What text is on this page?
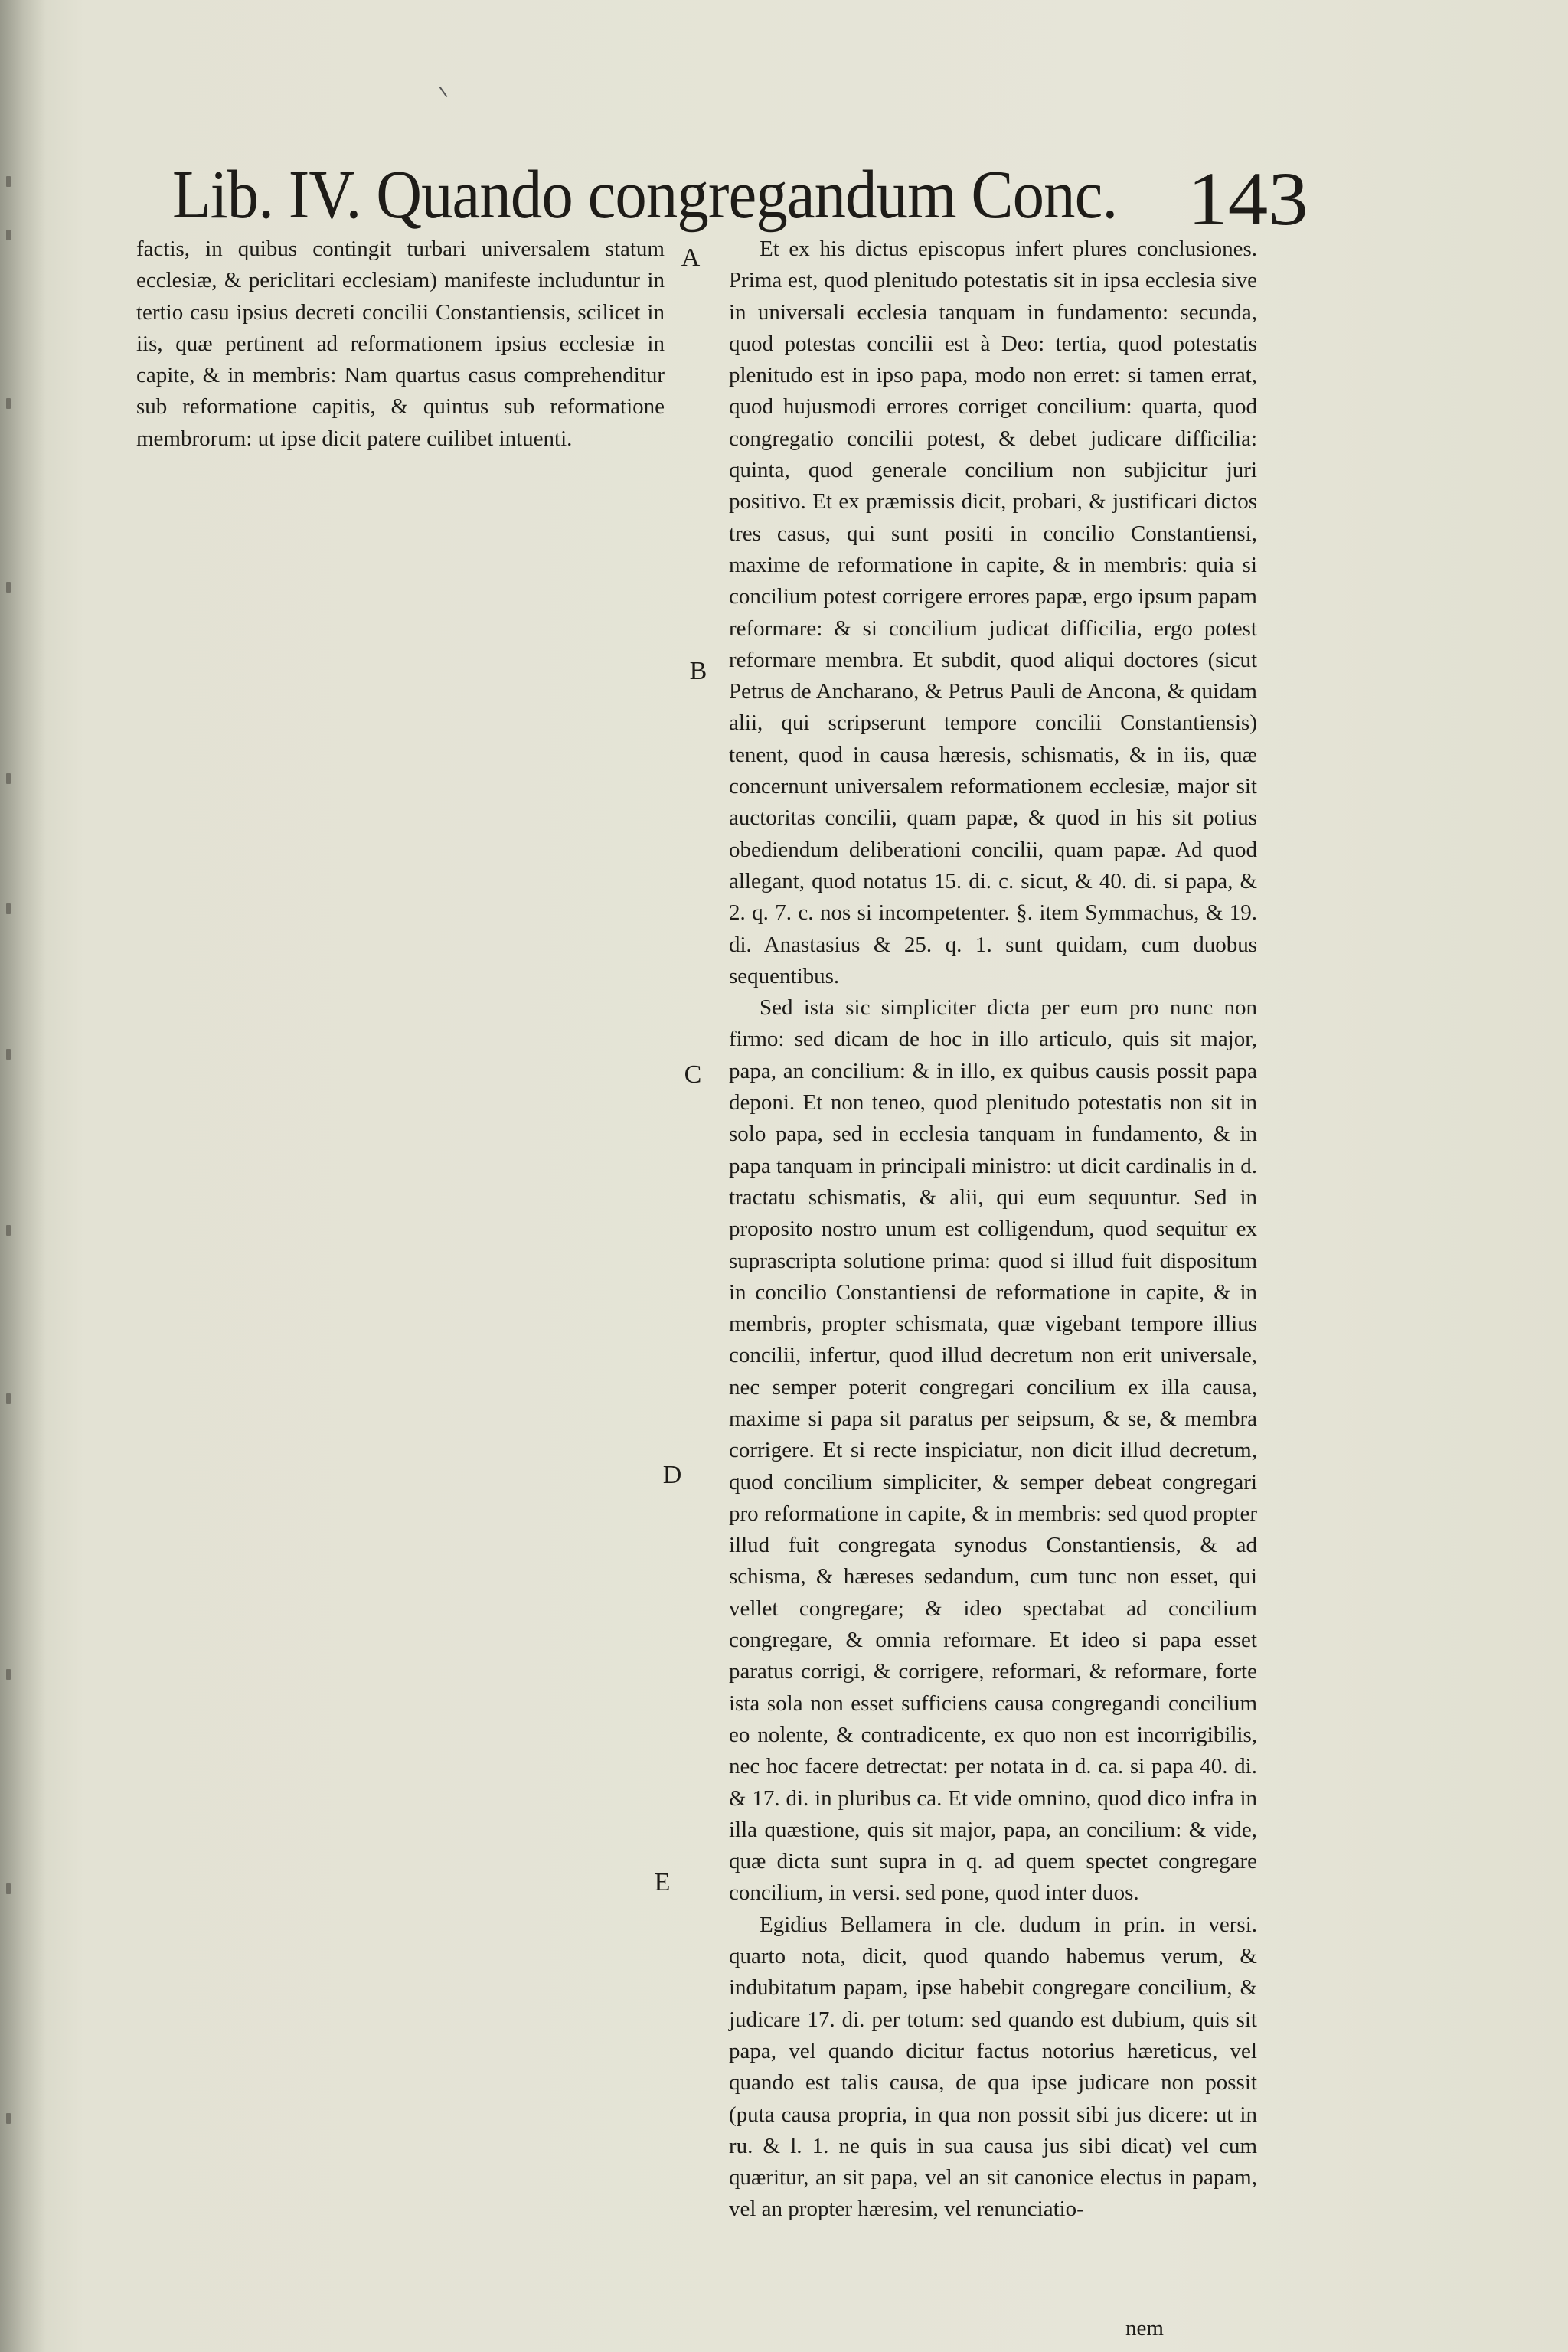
Lib. IV. Quando congregandum Conc. 143

factis, in quibus contingit turbari universalem statum ecclesiæ, & periclitari ecclesiam) manifeste includuntur in tertio casu ipsius decreti concilii Constantiensis, scilicet in iis, quæ pertinent ad reformationem ipsius ecclesiæ in capite, & in membris: Nam quartus casus comprehenditur sub reformatione capitis, & quintus sub reformatione membrorum: ut ipse dicit patere cuilibet intuenti.

A
B
C
D
E

Et ex his dictus episcopus infert plures conclusiones. Prima est, quod plenitudo potestatis sit in ipsa ecclesia sive in universali ecclesia tanquam in fundamento: secunda, quod potestas concilii est à Deo: tertia, quod potestatis plenitudo est in ipso papa, modo non erret: si tamen errat, quod hujusmodi errores corriget concilium: quarta, quod congregatio concilii potest, & debet judicare difficilia: quinta, quod generale concilium non subjicitur juri positivo. Et ex præmissis dicit, probari, & justificari dictos tres casus, qui sunt positi in concilio Constantiensi, maxime de reformatione in capite, & in membris: quia si concilium potest corrigere errores papæ, ergo ipsum papam reformare: & si concilium judicat difficilia, ergo potest reformare membra. Et subdit, quod aliqui doctores (sicut Petrus de Ancharano, & Petrus Pauli de Ancona, & quidam alii, qui scripserunt tempore concilii Constantiensis) tenent, quod in causa hæresis, schismatis, & in iis, quæ concernunt universalem reformationem ecclesiæ, major sit auctoritas concilii, quam papæ, & quod in his sit potius obediendum deliberationi concilii, quam papæ. Ad quod allegant, quod notatus 15. di. c. sicut, & 40. di. si papa, & 2. q. 7. c. nos si incompetenter. §. item Symmachus, & 19. di. Anastasius & 25. q. 1. sunt quidam, cum duobus sequentibus.

Sed ista sic simpliciter dicta per eum pro nunc non firmo: sed dicam de hoc in illo articulo, quis sit major, papa, an concilium: & in illo, ex quibus causis possit papa deponi. Et non teneo, quod plenitudo potestatis non sit in solo papa, sed in ecclesia tanquam in fundamento, & in papa tanquam in principali ministro: ut dicit cardinalis in d. tractatu schismatis, & alii, qui eum sequuntur. Sed in proposito nostro unum est colligendum, quod sequitur ex suprascripta solutione prima: quod si illud fuit dispositum in concilio Constantiensi de reformatione in capite, & in membris, propter schismata, quæ vigebant tempore illius concilii, infertur, quod illud decretum non erit universale, nec semper poterit congregari concilium ex illa causa, maxime si papa sit paratus per seipsum, & se, & membra corrigere. Et si recte inspiciatur, non dicit illud decretum, quod concilium simpliciter, & semper debeat congregari pro reformatione in capite, & in membris: sed quod propter illud fuit congregata synodus Constantiensis, & ad schisma, & hæreses sedandum, cum tunc non esset, qui vellet congregare; & ideo spectabat ad concilium congregare, & omnia reformare. Et ideo si papa esset paratus corrigi, & corrigere, reformari, & reformare, forte ista sola non esset sufficiens causa congregandi concilium eo nolente, & contradicente, ex quo non est incorrigibilis, nec hoc facere detrectat: per notata in d. ca. si papa 40. di. & 17. di. in pluribus ca. Et vide omnino, quod dico infra in illa quæstione, quis sit major, papa, an concilium: & vide, quæ dicta sunt supra in q. ad quem spectet congregare concilium, in versi. sed pone, quod inter duos.

Egidius Bellamera in cle. dudum in prin. in versi. quarto nota, dicit, quod quando habemus verum, & indubitatum papam, ipse habebit congregare concilium, & judicare 17. di. per totum: sed quando est dubium, quis sit papa, vel quando dicitur factus notorius hæreticus, vel quando est talis causa, de qua ipse judicare non possit (puta causa propria, in qua non possit sibi jus dicere: ut in ru. & l. 1. ne quis in sua causa jus sibi dicat) vel cum quæritur, an sit papa, vel an sit canonice electus in papam, vel an propter hæresim, vel renunciatio-

nem
